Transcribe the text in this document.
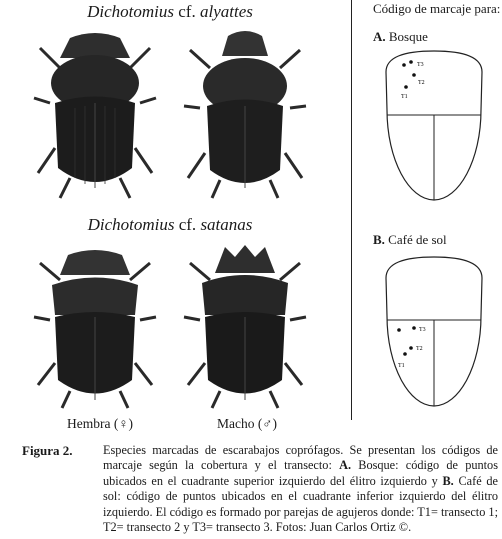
Dichotomius cf. alyattes
Dichotomius cf. satanas
Hembra (♀)	Macho (♂)
Código de marcaje para:
A. Bosque
T3
T2
T1
B. Café de sol
T3
T2
T1
Figura 2. Especies marcadas de escarabajos coprófagos. Se presentan los códigos de marcaje según la cobertura y el transecto: A. Bosque: código de puntos ubicados en el cuadrante superior izquierdo del élitro izquierdo y B. Café de sol: código de puntos ubicados en el cuadrante inferior izquierdo del élitro izquierdo. El código es formado por parejas de agujeros donde: T1= transecto 1; T2= transecto 2 y T3= transecto 3. Fotos: Juan Carlos Ortiz ©.
